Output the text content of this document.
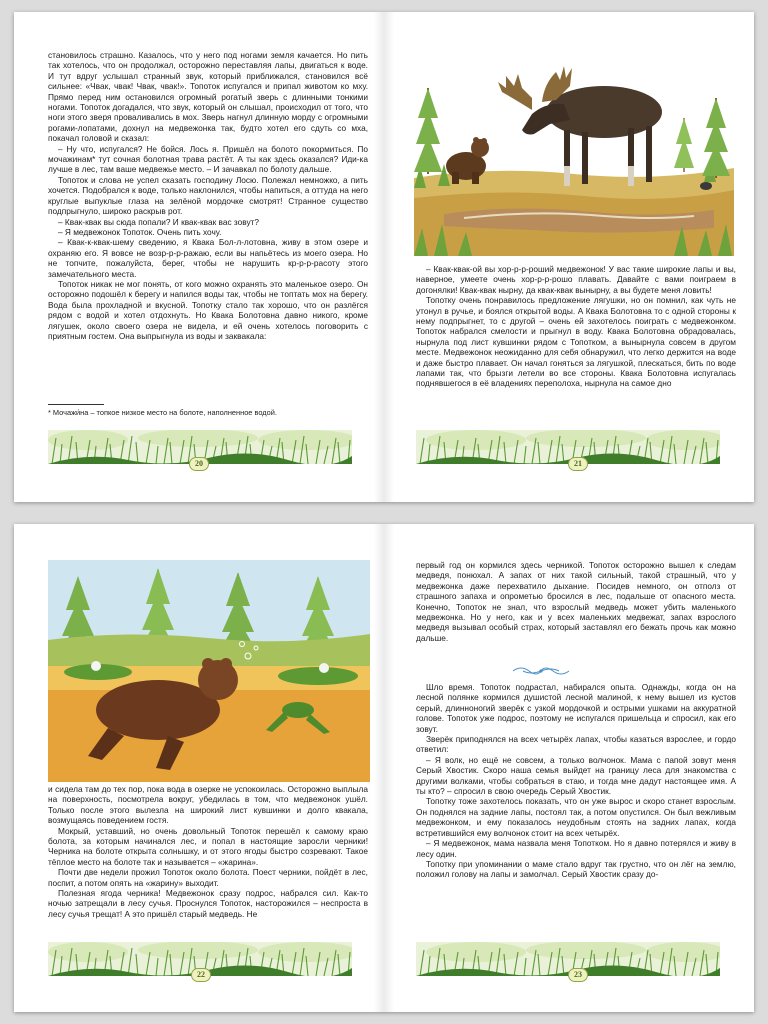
становилось страшно. Казалось, что у него под ногами земля качается. Но пить так хотелось, что он продолжал, осторожно переставляя лапы, двигаться к воде. И тут вдруг услышал странный звук, который приближался, становился всё сильнее: «Чвак, чвак! Чвак, чвак!». Топоток испугался и припал животом ко мху. Прямо перед ним остановился огромный рогатый зверь с длинными тонкими ногами. Топоток догадался, что звук, который он слышал, происходил от того, что ноги этого зверя проваливались в мох. Зверь нагнул длинную морду с огромными рогами-лопатами, дохнул на медвежонка так, будто хотел его сдуть со мха, покачал головой и сказал:

– Ну что, испугался? Не бойся. Лось я. Пришёл на болото покормиться. По мочажинам* тут сочная болотная трава растёт. А ты как здесь оказался? Иди-ка лучше в лес, там ваше медвежье место. – И зачавкал по болоту дальше.

Топоток и слова не успел сказать господину Лосю. Полежал немножко, а пить хочется. Подобрался к воде, только наклонился, чтобы напиться, а оттуда на него круглые выпуклые глаза на зелёной мордочке смотрят! Странное существо подпрыгнуло, широко раскрыв рот.

– Квак-квак вы сюда попали? И квак-квак вас зовут?

– Я медвежонок Топоток. Очень пить хочу.

– Квак-к-квак-шему сведению, я Квака Бол-л-лотовна, живу в этом озере и охраняю его. Я вовсе не возр-р-р-ражаю, если вы напьётесь из моего озера. Но не топчите, пожалуйста, берег, чтобы не нарушить кр-р-р-расоту этого замечательного места.

Топоток никак не мог понять, от кого можно охранять это маленькое озеро. Он осторожно подошёл к берегу и напился воды так, чтобы не топтать мох на берегу. Вода была прохладной и вкусной. Топотку стало так хорошо, что он разлёгся рядом с водой и хотел отдохнуть. Но Квака Болотовна давно никого, кроме лягушек, около своего озера не видела, и ей очень хотелось поговорить с приятным гостем. Она выпрыгнула из воды и заквакала:

* Мочажи́на – топкое низкое место на болоте, наполненное водой.
20

– Квак-квак-ой вы хор-р-р-роший медвежонок! У вас такие широкие лапы и вы, наверное, умеете очень хор-р-р-рошо плавать. Давайте с вами поиграем в догонялки! Квак-квак нырну, да квак-квак вынырну, а вы будете меня ловить!

Топотку очень понравилось предложение лягушки, но он помнил, как чуть не утонул в ручье, и боялся открытой воды. А Квака Болотовна то с одной стороны к нему подпрыгнет, то с другой – очень ей захотелось поиграть с медвежонком. Топоток набрался смелости и прыгнул в воду. Квака Болотовна обрадовалась, нырнула под лист кувшинки рядом с Топотком, а вынырнула совсем в другом месте. Медвежонок неожиданно для себя обнаружил, что легко держится на воде и даже быстро плавает. Он начал гоняться за лягушкой, плескаться, бить по воде лапами так, что брызги летели во все стороны. Квака Болотовна испугалась поднявшегося в её владениях переполоха, нырнула на самое дно

21

и сидела там до тех пор, пока вода в озерке не успокоилась. Осторожно выплыла на поверхность, посмотрела вокруг, убедилась в том, что медвежонок ушёл. Только после этого вылезла на широкий лист кувшинки и долго квакала, возмущаясь поведением гостя.

Мокрый, уставший, но очень довольный Топоток перешёл к самому краю болота, за которым начинался лес, и попал в настоящие заросли черники! Черника на болоте открыта солнышку, и от этого ягоды быстро созревают. Такое тёплое место на болоте так и называется – «жарина».

Почти две недели прожил Топоток около болота. Поест черники, пойдёт в лес, поспит, а потом опять на «жарину» выходит.

Полезная ягода черника! Медвежонок сразу подрос, набрался сил. Как-то ночью затрещали в лесу сучья. Проснулся Топоток, насторожился – неспроста в лесу сучья трещат! А это пришёл старый медведь. Не

22

первый год он кормился здесь черникой. Топоток осторожно вышел к следам медведя, понюхал. А запах от них такой сильный, такой страшный, что у медвежонка даже перехватило дыхание. Посидев немного, он отполз от страшного запаха и опрометью бросился в лес, подальше от опасного места. Конечно, Топоток не знал, что взрослый медведь может убить маленького медвежонка. Но у него, как и у всех маленьких медвежат, запах взрослого медведя вызывал особый страх, который заставлял его бежать прочь как можно дальше.

Шло время. Топоток подрастал, набирался опыта. Однажды, когда он на лесной полянке кормился душистой лесной малиной, к нему вышел из кустов серый, длинноногий зверёк с узкой мордочкой и острыми ушками на аккуратной голове. Топоток уже подрос, поэтому не испугался пришельца и спросил, как его зовут.

Зверёк приподнялся на всех четырёх лапах, чтобы казаться взрослее, и гордо ответил:

– Я волк, но ещё не совсем, а только волчонок. Мама с папой зовут меня Серый Хвостик. Скоро наша семья выйдет на границу леса для знакомства с другими волками, чтобы собраться в стаю, и тогда мне дадут настоящее имя. А ты кто? – спросил в свою очередь Серый Хвостик.

Топотку тоже захотелось показать, что он уже вырос и скоро станет взрослым. Он поднялся на задние лапы, постоял так, а потом опустился. Он был вежливым медвежонком, и ему показалось неудобным стоять на задних лапах, когда встретившийся ему волчонок стоит на всех четырёх.

– Я медвежонок, мама назвала меня Топотком. Но я давно потерялся и живу в лесу один.

Топотку при упоминании о маме стало вдруг так грустно, что он лёг на землю, положил голову на лапы и замолчал. Серый Хвостик сразу до-

23
